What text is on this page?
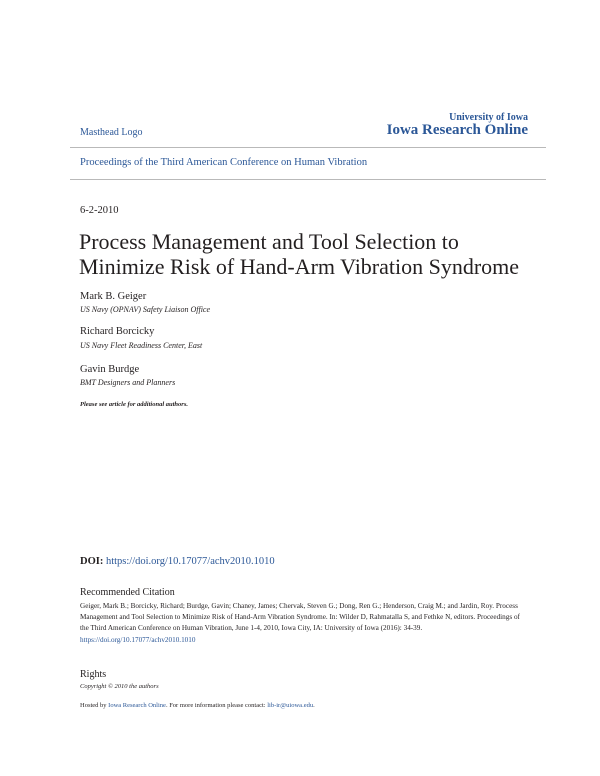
Masthead Logo
University of Iowa
Iowa Research Online
Proceedings of the Third American Conference on Human Vibration
6-2-2010
Process Management and Tool Selection to
Minimize Risk of Hand-Arm Vibration Syndrome
Mark B. Geiger
US Navy (OPNAV) Safety Liaison Office
Richard Borcicky
US Navy Fleet Readiness Center, East
Gavin Burdge
BMT Designers and Planners
Please see article for additional authors.
DOI: https://doi.org/10.17077/achv2010.1010
Recommended Citation
Geiger, Mark B.; Borcicky, Richard; Burdge, Gavin; Chaney, James; Chervak, Steven G.; Dong, Ren G.; Henderson, Craig M.; and Jardin, Roy. Process Management and Tool Selection to Minimize Risk of Hand-Arm Vibration Syndrome. In: Wilder D, Rahmatalla S, and Fethke N, editors. Proceedings of the Third American Conference on Human Vibration, June 1-4, 2010, Iowa City, IA: University of Iowa (2016): 34-39. https://doi.org/10.17077/achv2010.1010
Rights
Copyright © 2010 the authors
Hosted by Iowa Research Online. For more information please contact: lib-ir@uiowa.edu.
